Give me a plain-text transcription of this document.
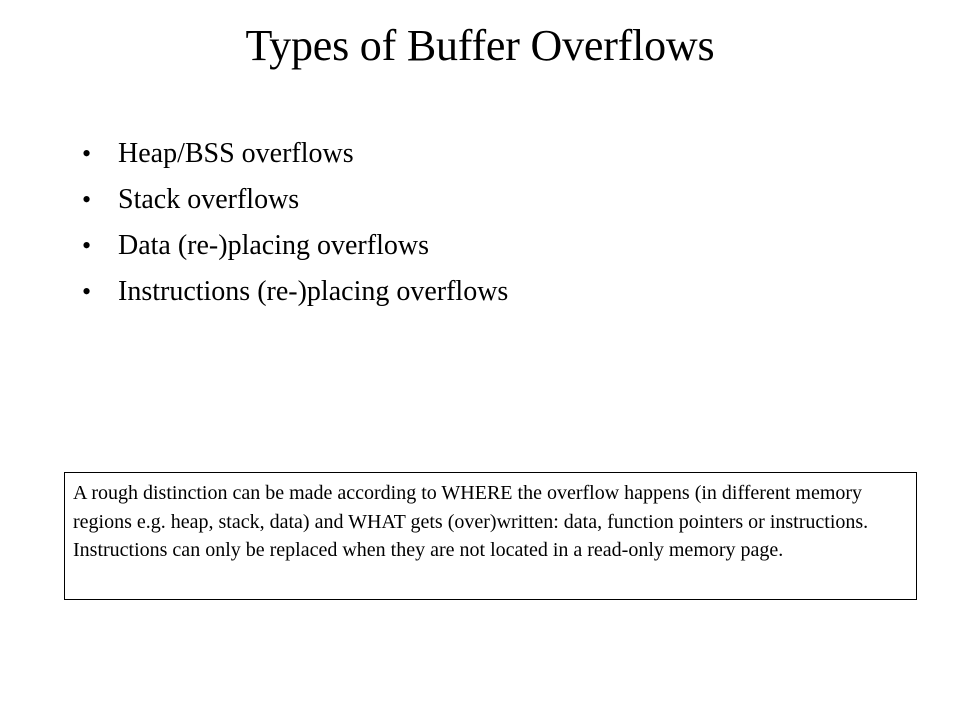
Types of Buffer Overflows
• Heap/BSS overflows
• Stack overflows
• Data (re-)placing overflows
• Instructions (re-)placing overflows
A rough distinction can be made according to WHERE the overflow happens (in different memory regions e.g. heap, stack, data) and WHAT gets (over)written: data, function pointers or instructions. Instructions can only be replaced when they are not located in a read-only memory page.
